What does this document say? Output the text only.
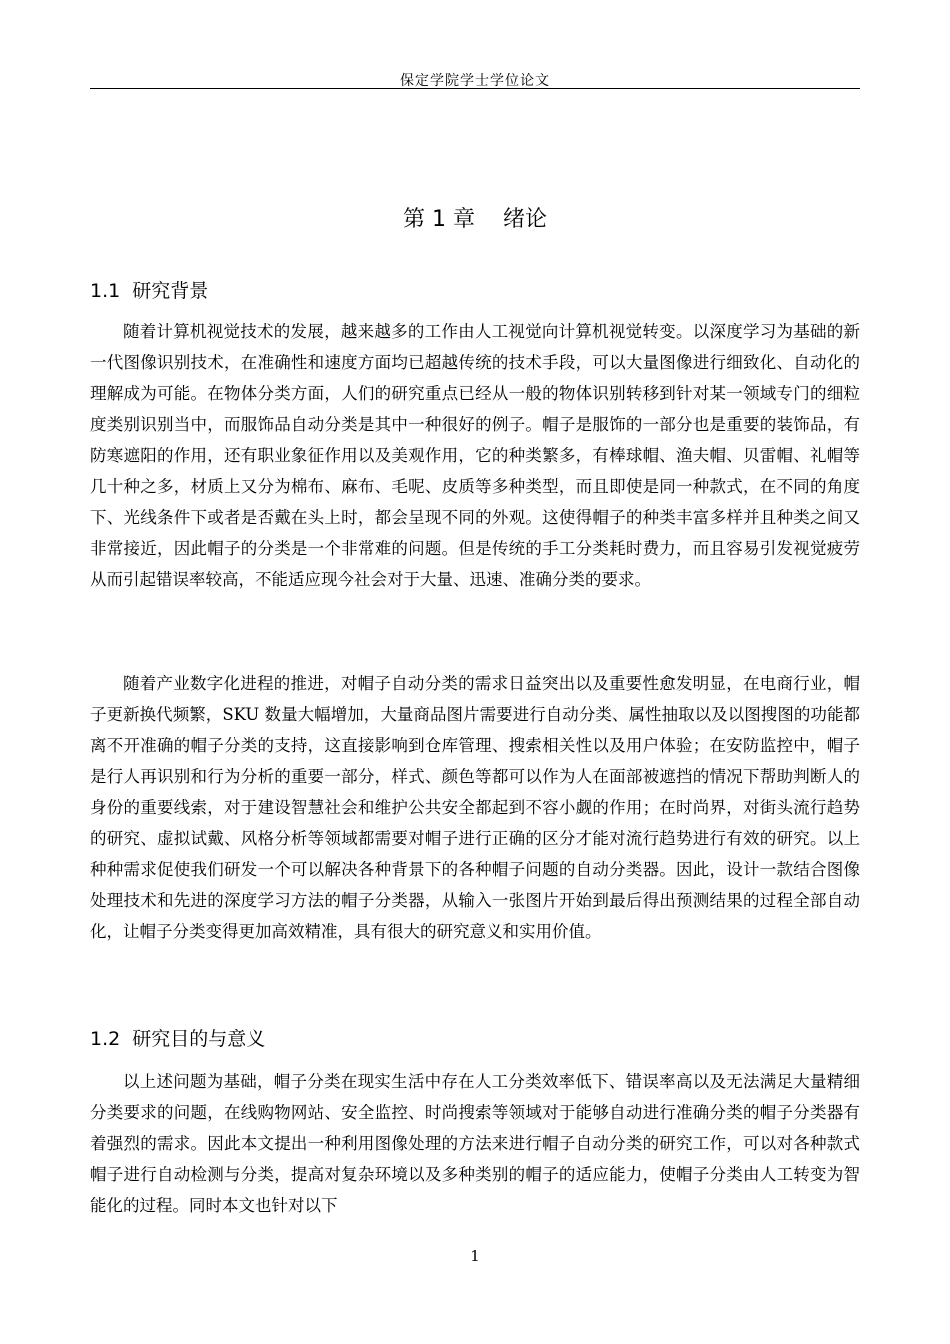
保定学院学士学位论文
第 1 章    绪论
1.1  研究背景

随着计算机视觉技术的发展，越来越多的工作由人工视觉向计算机视觉转变。以深度学习为基础的新一代图像识别技术，在准确性和速度方面均已超越传统的技术手段，可以大量图像进行细致化、自动化的理解成为可能。在物体分类方面，人们的研究重点已经从一般的物体识别转移到针对某一领域专门的细粒度类别识别当中，而服饰品自动分类是其中一种很好的例子。帽子是服饰的一部分也是重要的装饰品，有防寒遮阳的作用，还有职业象征作用以及美观作用，它的种类繁多，有棒球帽、渔夫帽、贝雷帽、礼帽等几十种之多，材质上又分为棉布、麻布、毛呢、皮质等多种类型，而且即使是同一种款式，在不同的角度下、光线条件下或者是否戴在头上时，都会呈现不同的外观。这使得帽子的种类丰富多样并且种类之间又非常接近，因此帽子的分类是一个非常难的问题。但是传统的手工分类耗时费力，而且容易引发视觉疲劳从而引起错误率较高，不能适应现今社会对于大量、迅速、准确分类的要求。

随着产业数字化进程的推进，对帽子自动分类的需求日益突出以及重要性愈发明显，在电商行业，帽子更新换代频繁，SKU 数量大幅增加，大量商品图片需要进行自动分类、属性抽取以及以图搜图的功能都离不开准确的帽子分类的支持，这直接影响到仓库管理、搜索相关性以及用户体验；在安防监控中，帽子是行人再识别和行为分析的重要一部分，样式、颜色等都可以作为人在面部被遮挡的情况下帮助判断人的身份的重要线索，对于建设智慧社会和维护公共安全都起到不容小觑的作用；在时尚界，对街头流行趋势的研究、虚拟试戴、风格分析等领域都需要对帽子进行正确的区分才能对流行趋势进行有效的研究。以上种种需求促使我们研发一个可以解决各种背景下的各种帽子问题的自动分类器。因此，设计一款结合图像处理技术和先进的深度学习方法的帽子分类器，从输入一张图片开始到最后得出预测结果的过程全部自动化，让帽子分类变得更加高效精准，具有很大的研究意义和实用价值。

1.2  研究目的与意义

以上述问题为基础，帽子分类在现实生活中存在人工分类效率低下、错误率高以及无法满足大量精细分类要求的问题，在线购物网站、安全监控、时尚搜索等领域对于能够自动进行准确分类的帽子分类器有着强烈的需求。因此本文提出一种利用图像处理的方法来进行帽子自动分类的研究工作，可以对各种款式帽子进行自动检测与分类，提高对复杂环境以及多种类别的帽子的适应能力，使帽子分类由人工转变为智能化的过程。同时本文也针对以下

1
